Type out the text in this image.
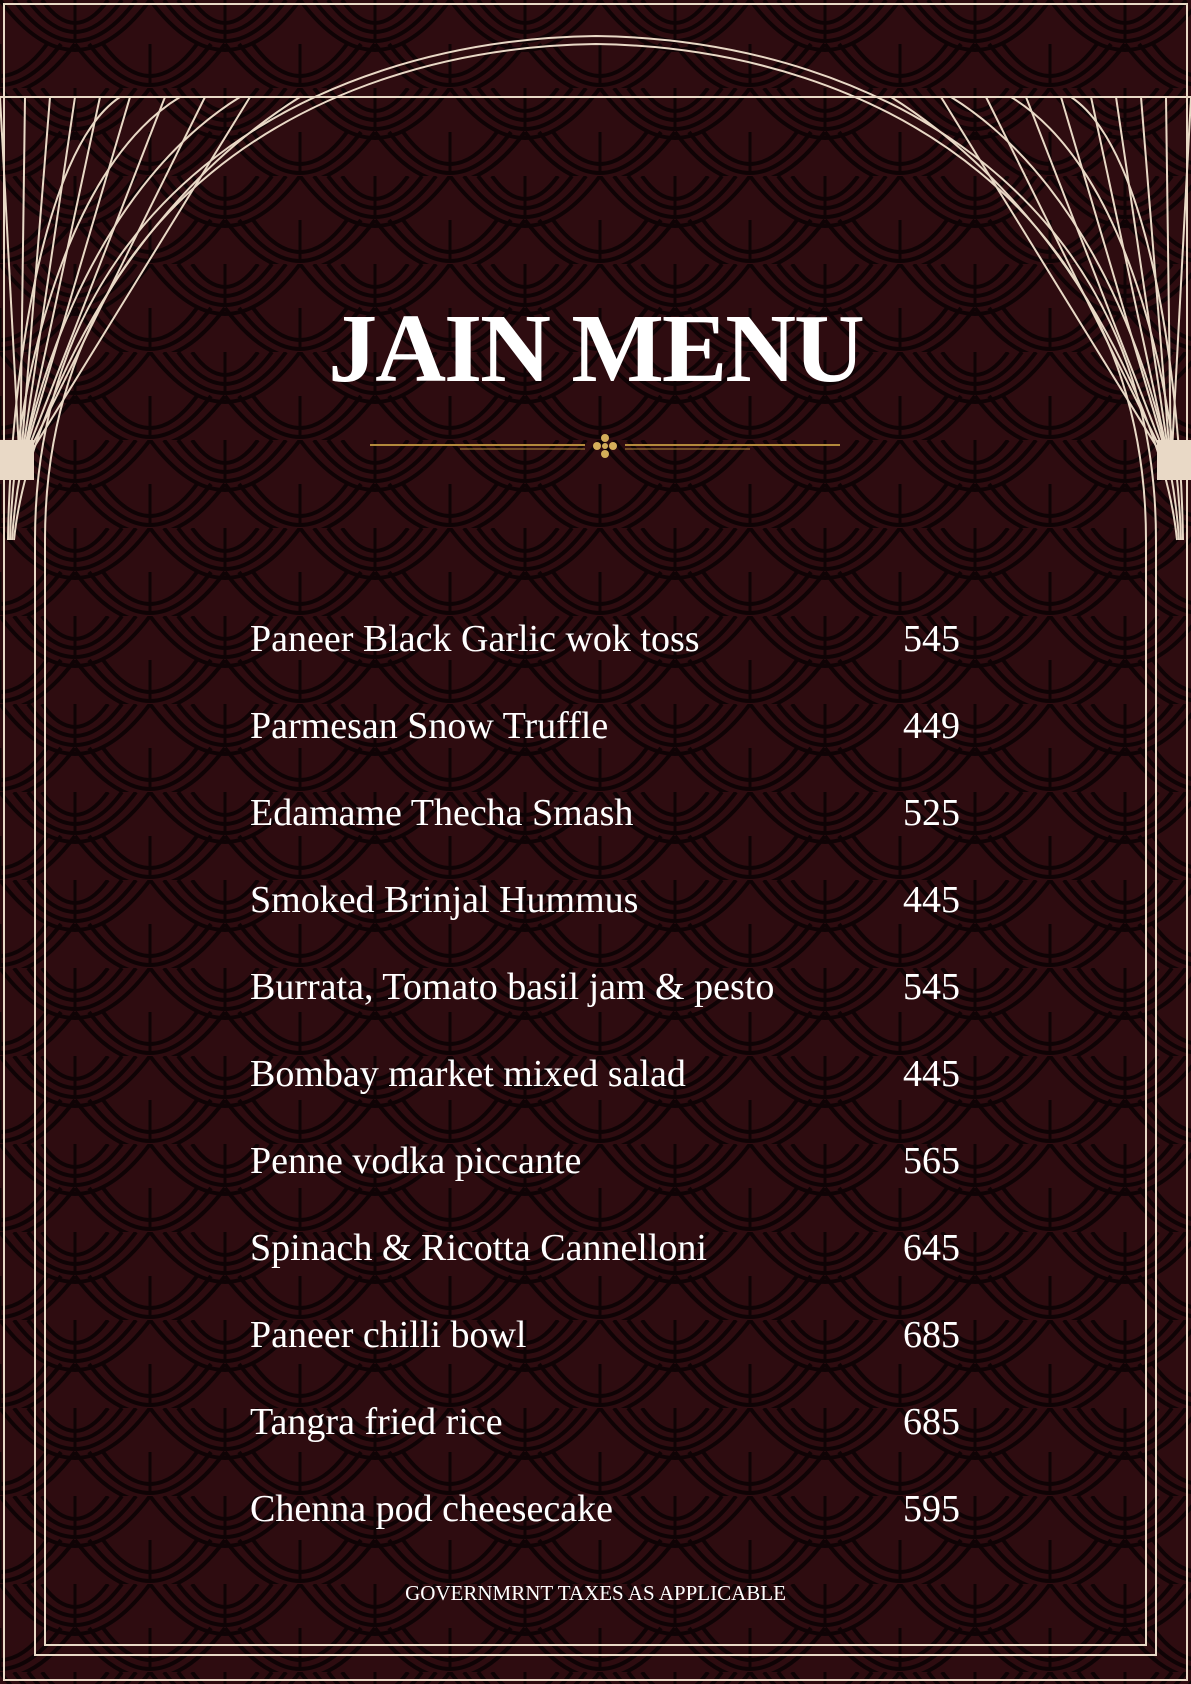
JAIN MENU
Paneer Black Garlic wok toss	545
Parmesan Snow Truffle	449
Edamame Thecha Smash	525
Smoked Brinjal Hummus	445
Burrata, Tomato basil jam & pesto	545
Bombay market mixed salad	445
Penne vodka piccante	565
Spinach & Ricotta Cannelloni	645
Paneer chilli bowl	685
Tangra fried rice	685
Chenna pod cheesecake	595
GOVERNMRNT TAXES AS APPLICABLE
